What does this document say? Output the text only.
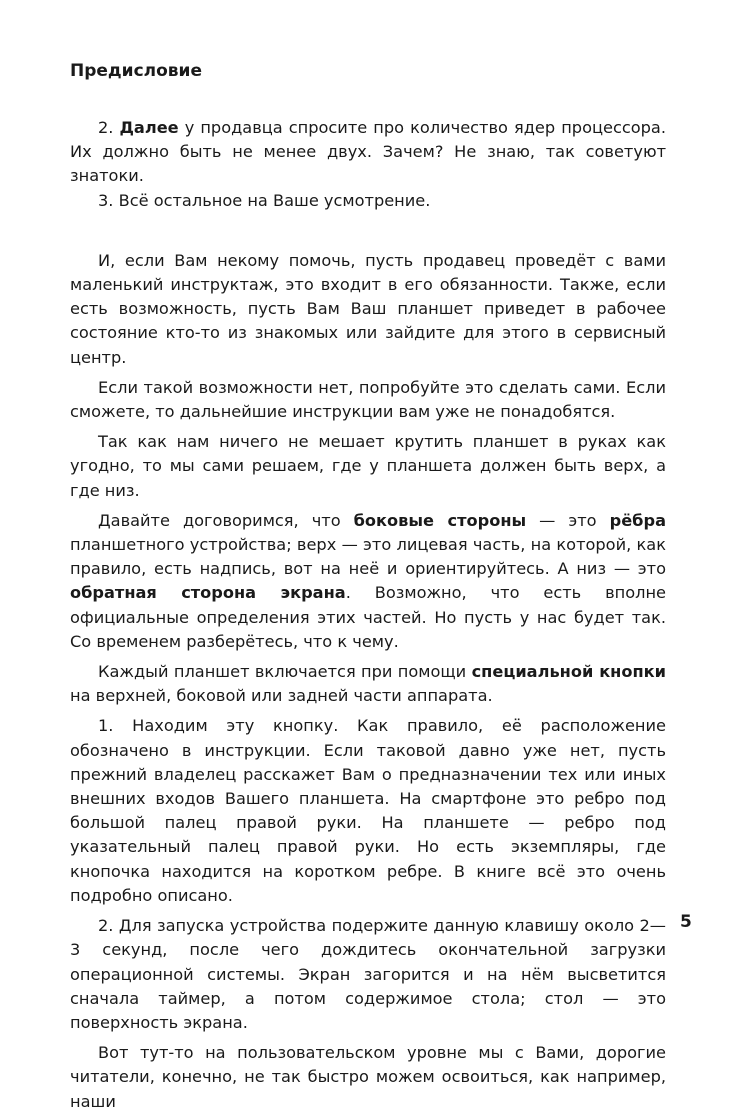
Предисловие

2. Далее у продавца спросите про количество ядер процессора. Их должно быть не менее двух. Зачем? Не знаю, так советуют знатоки.

3. Всё остальное на Ваше усмотрение.

И, если Вам некому помочь, пусть продавец проведёт с вами маленький инструктаж, это входит в его обязанности. Также, если есть возможность, пусть Вам Ваш планшет приведет в рабочее состояние кто-то из знакомых или зайдите для этого в сервисный центр.

Если такой возможности нет, попробуйте это сделать сами. Если сможете, то дальнейшие инструкции вам уже не понадобятся.

Так как нам ничего не мешает крутить планшет в руках как угодно, то мы сами решаем, где у планшета должен быть верх, а где низ.

Давайте договоримся, что боковые стороны — это рёбра планшетного устройства; верх — это лицевая часть, на которой, как правило, есть надпись, вот на неё и ориентируйтесь. А низ — это обратная сторона экрана. Возможно, что есть вполне официальные определения этих частей. Но пусть у нас будет так. Со временем разберётесь, что к чему.

Каждый планшет включается при помощи специальной кнопки на верхней, боковой или задней части аппарата.

1. Находим эту кнопку. Как правило, её расположение обозначено в инструкции. Если таковой давно уже нет, пусть прежний владелец расскажет Вам о предназначении тех или иных внешних входов Вашего планшета. На смартфоне это ребро под большой палец правой руки. На планшете — ребро под указательный палец правой руки. Но есть экземпляры, где кнопочка находится на коротком ребре. В книге всё это очень подробно описано.

2. Для запуска устройства подержите данную клавишу около 2—3 секунд, после чего дождитесь окончательной загрузки операционной системы. Экран загорится и на нём высветится сначала таймер, а потом содержимое стола; стол — это поверхность экрана.

Вот тут-то на пользовательском уровне мы с Вами, дорогие читатели, конечно, не так быстро можем освоиться, как например, наши

5
